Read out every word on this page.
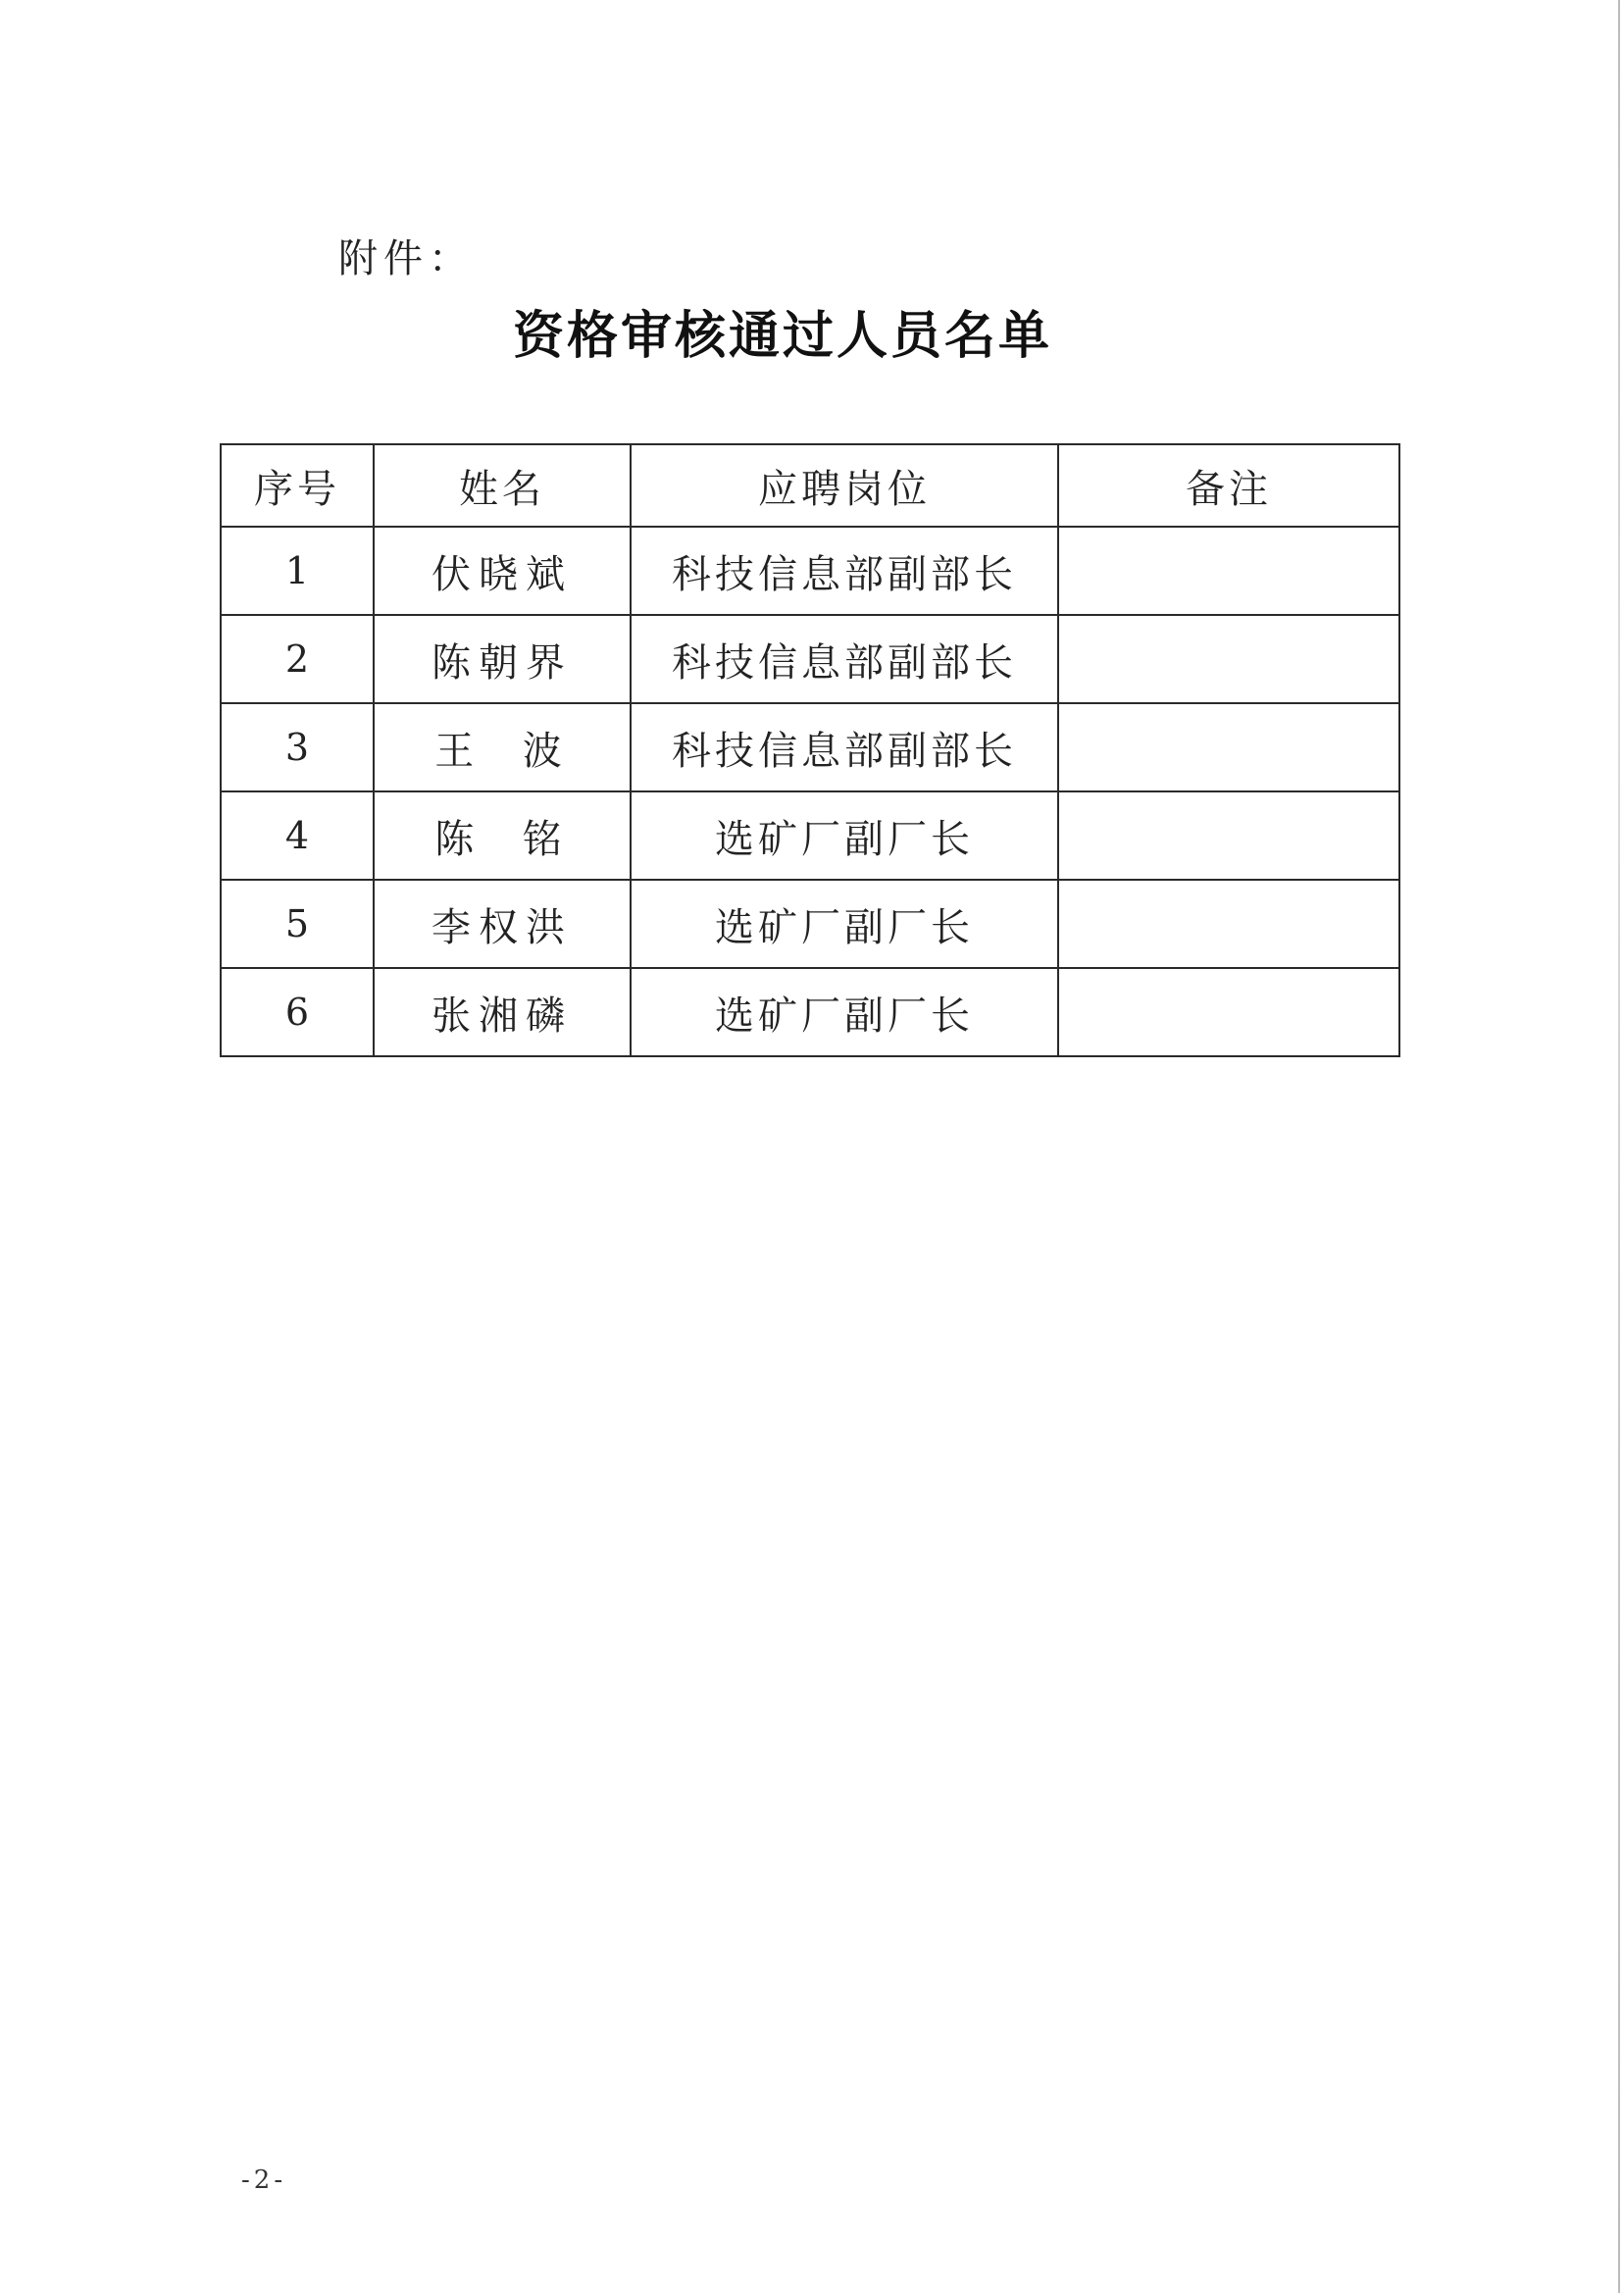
附件：
资格审核通过人员名单
序号	姓名	应聘岗位	备注
1	伏晓斌	科技信息部副部长	
2	陈朝界	科技信息部副部长	
3	王  波	科技信息部副部长	
4	陈  铭	选矿厂副厂长	
5	李权洪	选矿厂副厂长	
6	张湘磷	选矿厂副厂长	
-2-
